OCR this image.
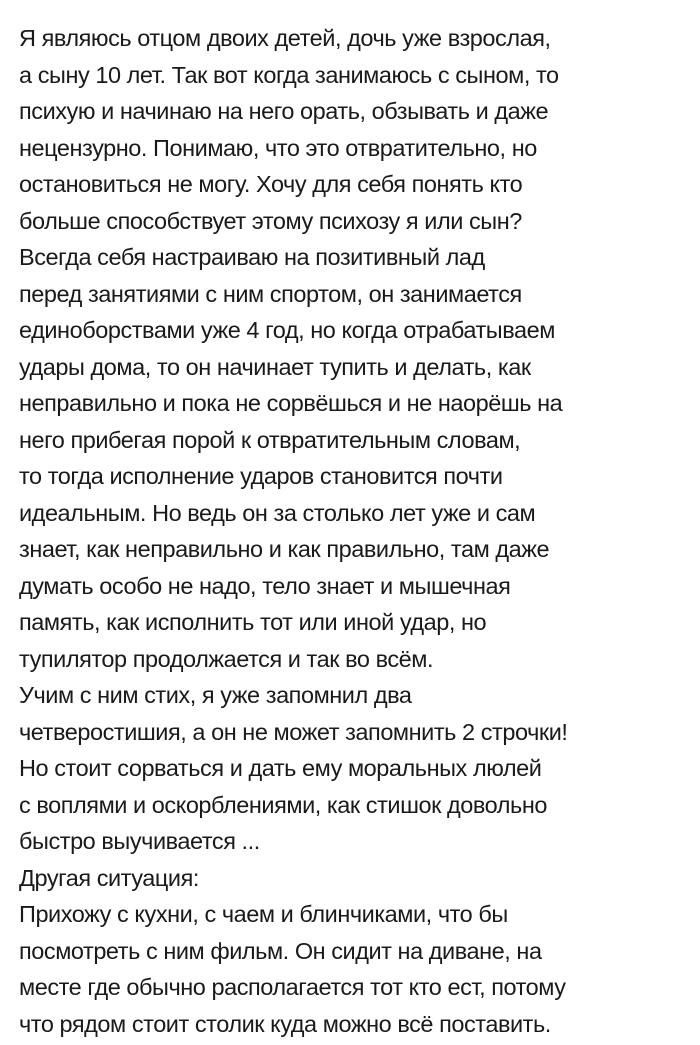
Я являюсь отцом двоих детей, дочь уже взрослая,
а сыну 10 лет. Так вот когда занимаюсь с сыном, то
психую и начинаю на него орать, обзывать и даже
нецензурно. Понимаю, что это отвратительно, но
остановиться не могу. Хочу для себя понять кто
больше способствует этому психозу я или сын?
Всегда себя настраиваю на позитивный лад
перед занятиями с ним спортом, он занимается
единоборствами уже 4 год, но когда отрабатываем
удары дома, то он начинает тупить и делать, как
неправильно и пока не сорвёшься и не наорёшь на
него прибегая порой к отвратительным словам,
то тогда исполнение ударов становится почти
идеальным. Но ведь он за столько лет уже и сам
знает, как неправильно и как правильно, там даже
думать особо не надо, тело знает и мышечная
память, как исполнить тот или иной удар, но
тупилятор продолжается и так во всём.
Учим с ним стих, я уже запомнил два
четверостишия, а он не может запомнить 2 строчки!
Но стоит сорваться и дать ему моральных люлей
с воплями и оскорблениями, как стишок довольно
быстро выучивается ...
Другая ситуация:
Прихожу с кухни, с чаем и блинчиками, что бы
посмотреть с ним фильм. Он сидит на диване, на
месте где обычно располагается тот кто ест, потому
что рядом стоит столик куда можно всё поставить.
